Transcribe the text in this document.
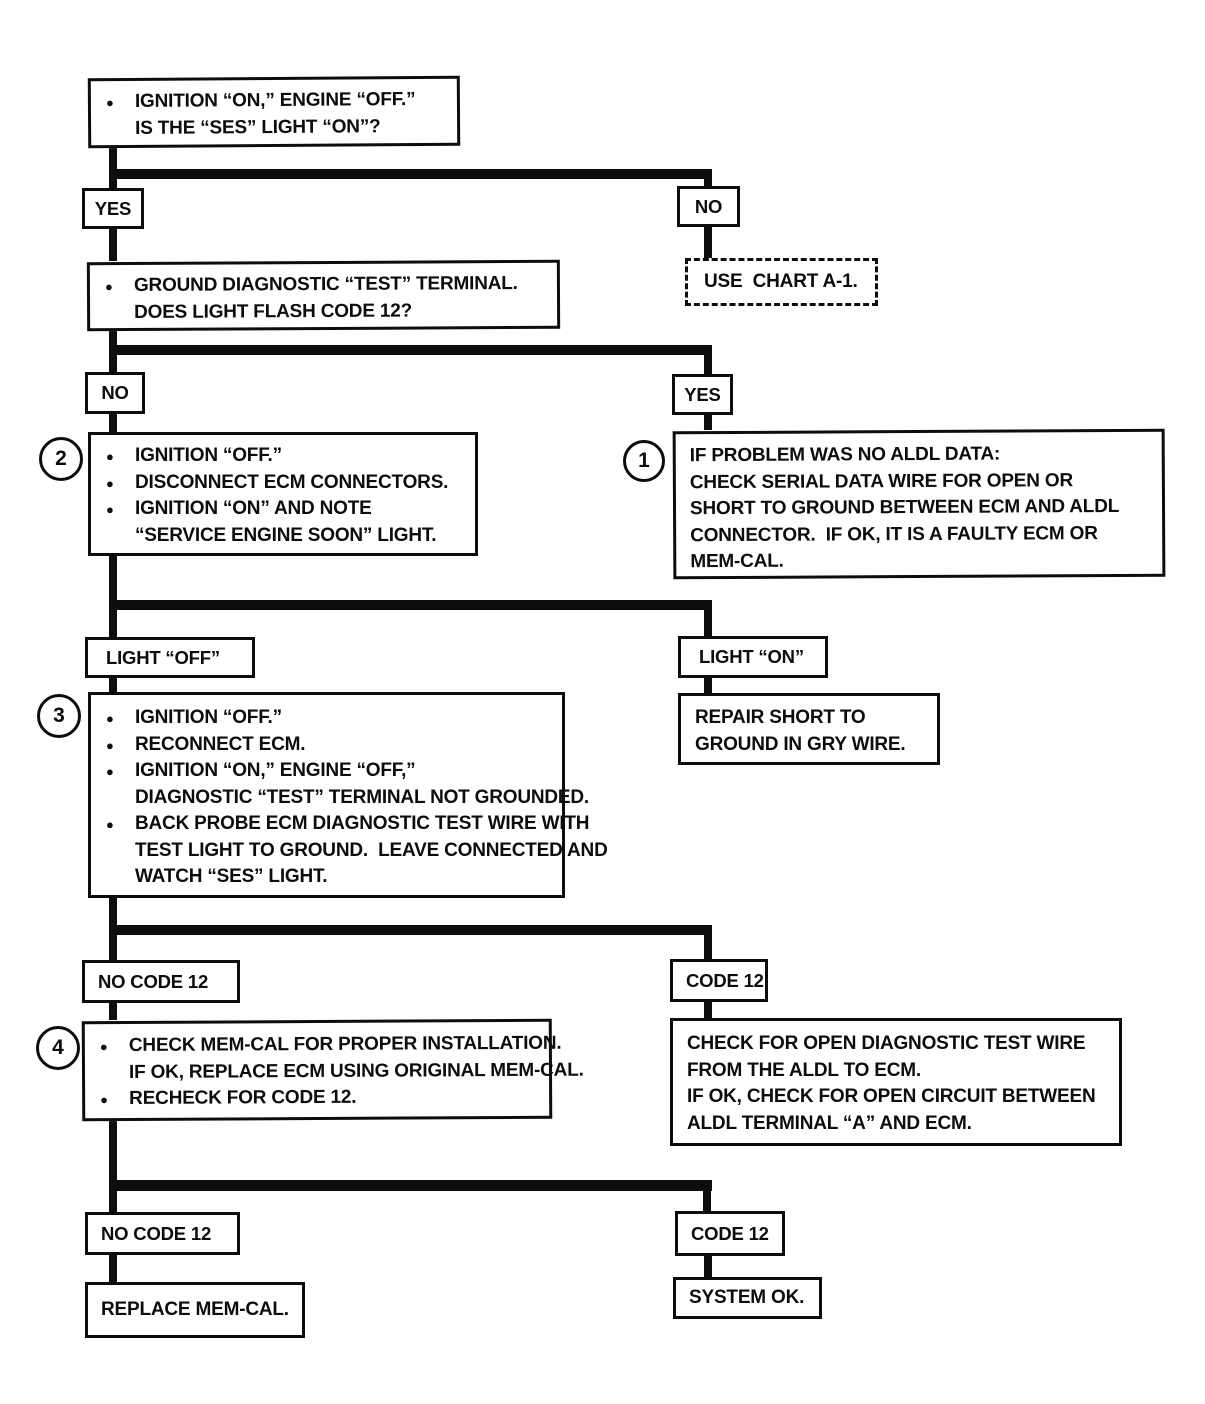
● IGNITION “ON,” ENGINE “OFF.”
IS THE “SES” LIGHT “ON”?
YES	NO
USE  CHART A-1.
● GROUND DIAGNOSTIC “TEST” TERMINAL.
DOES LIGHT FLASH CODE 12?
NO	YES
2	● IGNITION “OFF.”
● DISCONNECT ECM CONNECTORS.
● IGNITION “ON” AND NOTE
“SERVICE ENGINE SOON” LIGHT.
1	IF PROBLEM WAS NO ALDL DATA:
CHECK SERIAL DATA WIRE FOR OPEN OR
SHORT TO GROUND BETWEEN ECM AND ALDL
CONNECTOR.  IF OK, IT IS A FAULTY ECM OR
MEM-CAL.
LIGHT “OFF”	LIGHT “ON”
3	● IGNITION “OFF.”
● RECONNECT ECM.
● IGNITION “ON,” ENGINE “OFF,”
DIAGNOSTIC “TEST” TERMINAL NOT GROUNDED.
● BACK PROBE ECM DIAGNOSTIC TEST WIRE WITH
TEST LIGHT TO GROUND.  LEAVE CONNECTED AND
WATCH “SES” LIGHT.
REPAIR SHORT TO
GROUND IN GRY WIRE.
NO CODE 12	CODE 12
4	● CHECK MEM-CAL FOR PROPER INSTALLATION.
IF OK, REPLACE ECM USING ORIGINAL MEM-CAL.
● RECHECK FOR CODE 12.
CHECK FOR OPEN DIAGNOSTIC TEST WIRE
FROM THE ALDL TO ECM.
IF OK, CHECK FOR OPEN CIRCUIT BETWEEN
ALDL TERMINAL “A” AND ECM.
NO CODE 12	CODE 12
REPLACE MEM-CAL.
SYSTEM OK.
